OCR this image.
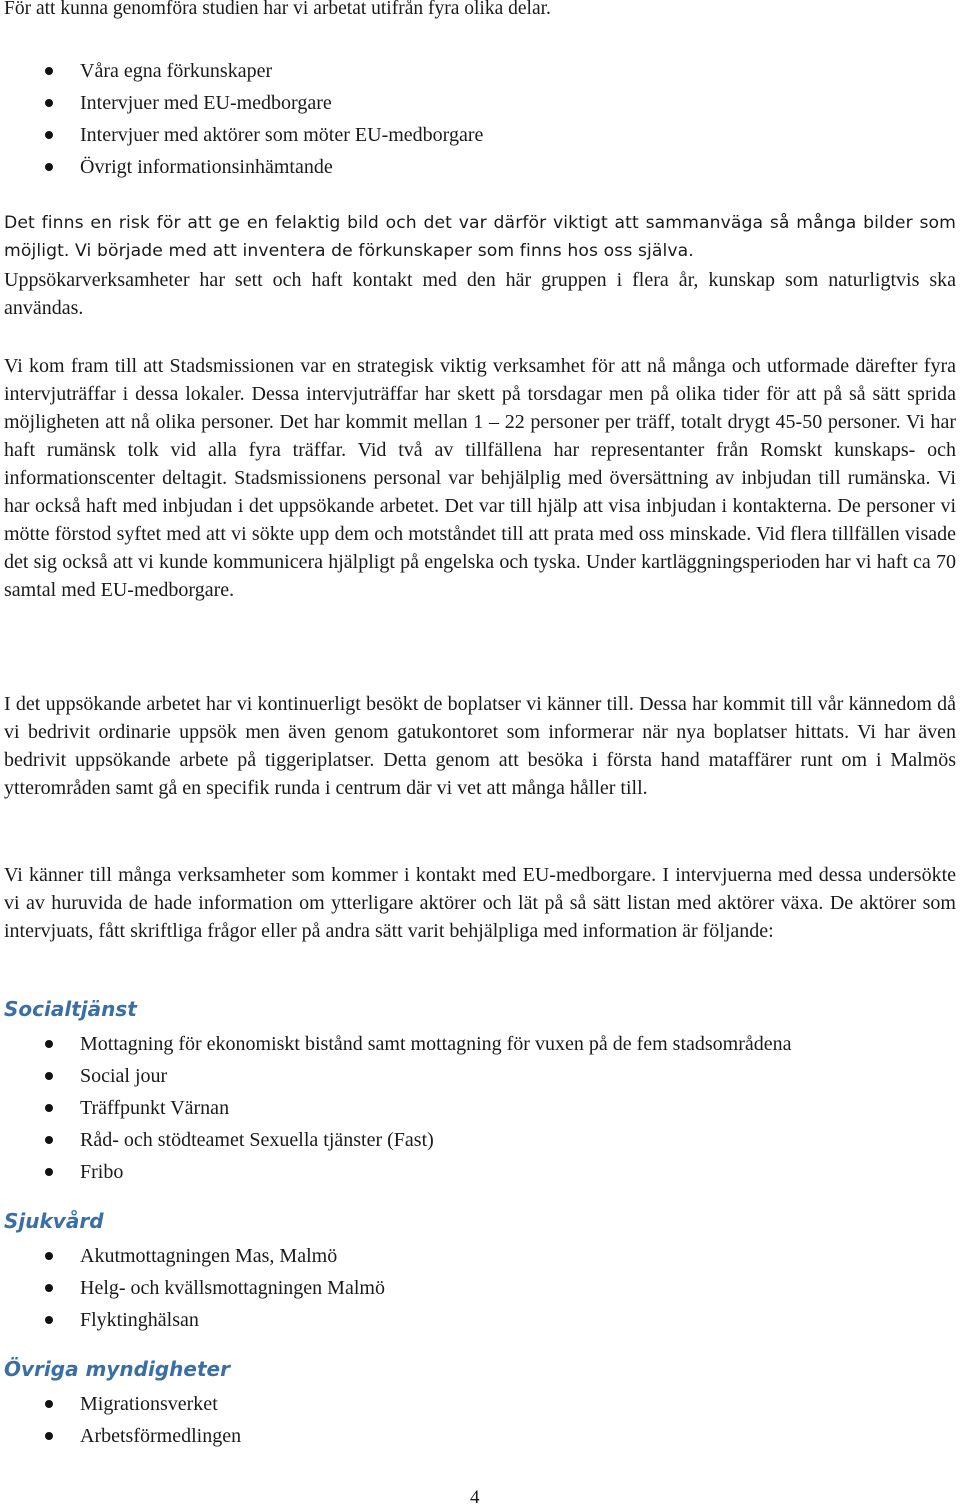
För att kunna genomföra studien har vi arbetat utifrån fyra olika delar.

Våra egna förkunskaper
Intervjuer med EU-medborgare
Intervjuer med aktörer som möter EU-medborgare
Övrigt informationsinhämtande

Det finns en risk för att ge en felaktig bild och det var därför viktigt att sammanväga så många bilder som möjligt. Vi började med att inventera de förkunskaper som finns hos oss själva.

Uppsökarverksamheter har sett och haft kontakt med den här gruppen i flera år, kunskap som naturligtvis ska användas.

Vi kom fram till att Stadsmissionen var en strategisk viktig verksamhet för att nå många och utformade därefter fyra intervjuträffar i dessa lokaler. Dessa intervjuträffar har skett på torsdagar men på olika tider för att på så sätt sprida möjligheten att nå olika personer. Det har kommit mellan 1 – 22 personer per träff, totalt drygt 45-50 personer. Vi har haft rumänsk tolk vid alla fyra träffar. Vid två av tillfällena har representanter från Romskt kunskaps- och informationscenter deltagit. Stadsmissionens personal var behjälplig med översättning av inbjudan till rumänska. Vi har också haft med inbjudan i det uppsökande arbetet. Det var till hjälp att visa inbjudan i kontakterna. De personer vi mötte förstod syftet med att vi sökte upp dem och motståndet till att prata med oss minskade. Vid flera tillfällen visade det sig också att vi kunde kommunicera hjälpligt på engelska och tyska. Under kartläggningsperioden har vi haft ca 70 samtal med EU-medborgare.

I det uppsökande arbetet har vi kontinuerligt besökt de boplatser vi känner till. Dessa har kommit till vår kännedom då vi bedrivit ordinarie uppsök men även genom gatukontoret som informerar när nya boplatser hittats. Vi har även bedrivit uppsökande arbete på tiggeriplatser. Detta genom att besöka i första hand mataffärer runt om i Malmös ytterområden samt gå en specifik runda i centrum där vi vet att många håller till.

Vi känner till många verksamheter som kommer i kontakt med EU-medborgare. I intervjuerna med dessa undersökte vi av huruvida de hade information om ytterligare aktörer och lät på så sätt listan med aktörer växa. De aktörer som intervjuats, fått skriftliga frågor eller på andra sätt varit behjälpliga med information är följande:

Socialtjänst
Mottagning för ekonomiskt bistånd samt mottagning för vuxen på de fem stadsområdena
Social jour
Träffpunkt Värnan
Råd- och stödteamet Sexuella tjänster (Fast)
Fribo
Sjukvård
Akutmottagningen Mas, Malmö
Helg- och kvällsmottagningen Malmö
Flyktinghälsan
Övriga myndigheter
Migrationsverket
Arbetsförmedlingen
4
